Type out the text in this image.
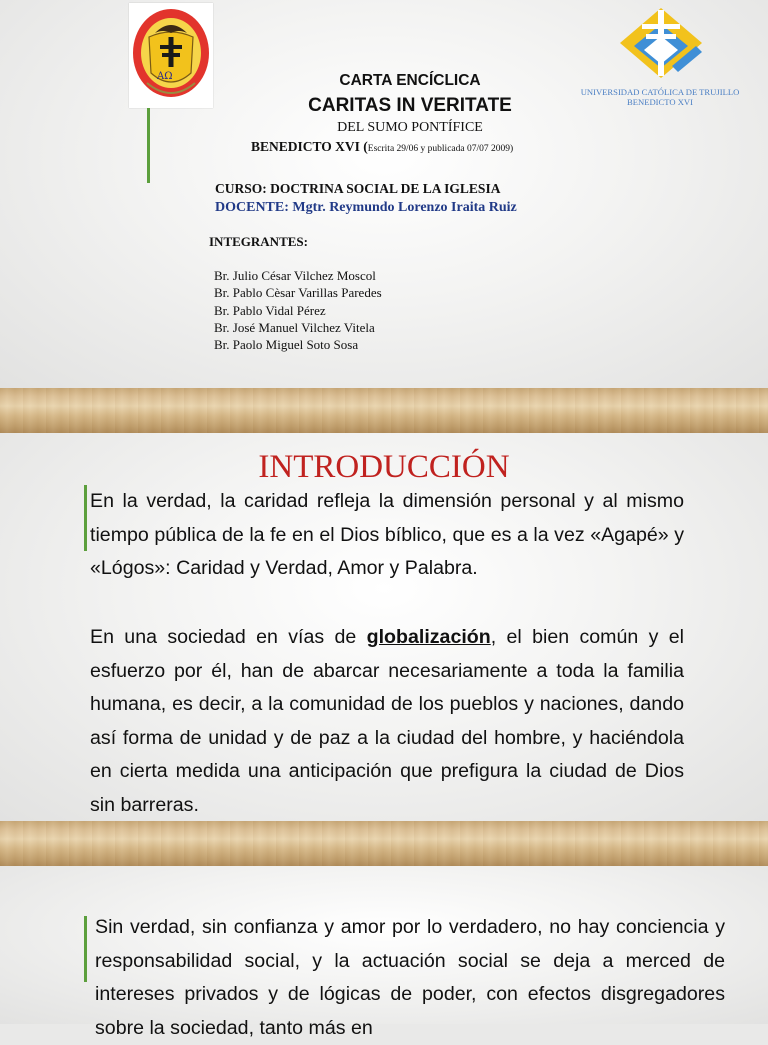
ΑΩ
UNIVERSIDAD CATÓLICA DE TRUJILLO
BENEDICTO XVI
CARTA ENCÍCLICA
CARITAS IN VERITATE
DEL SUMO PONTÍFICE
BENEDICTO XVI (Escrita 29/06 y publicada 07/07 2009)
CURSO: DOCTRINA SOCIAL DE LA IGLESIA
DOCENTE: Mgtr. Reymundo Lorenzo Iraita Ruiz
INTEGRANTES:
Br. Julio César Vilchez Moscol
Br. Pablo Cèsar Varillas Paredes
Br. Pablo Vidal Pérez
Br. José Manuel Vilchez Vitela
Br. Paolo Miguel Soto Sosa
INTRODUCCIÓN

En la verdad, la caridad refleja la dimensión personal y al mismo tiempo pública de la fe en el Dios bíblico, que es a la vez «Agapé» y «Lógos»: Caridad y Verdad, Amor y Palabra.

En una sociedad en vías de globalización, el bien común y el esfuerzo por él, han de abarcar necesariamente a toda la familia humana, es decir, a la comunidad de los pueblos y naciones, dando así forma de unidad y de paz a la ciudad del hombre, y haciéndola en cierta medida una anticipación que prefigura la ciudad de Dios sin barreras.

Sin verdad, sin confianza y amor por lo verdadero, no hay conciencia y responsabilidad social, y la actuación social se deja a merced de intereses privados y de lógicas de poder, con efectos disgregadores sobre la sociedad, tanto más en
